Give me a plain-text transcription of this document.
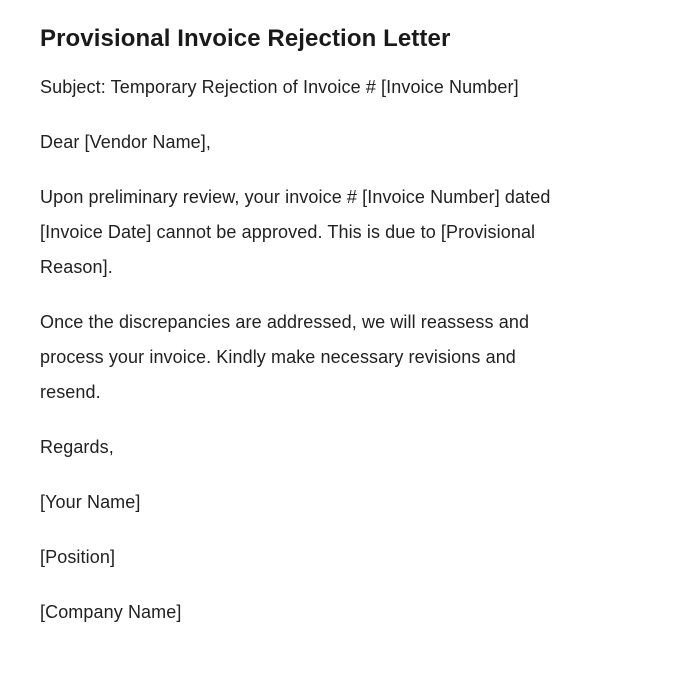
Provisional Invoice Rejection Letter

Subject: Temporary Rejection of Invoice # [Invoice Number]

Dear [Vendor Name],

Upon preliminary review, your invoice # [Invoice Number] dated
[Invoice Date] cannot be approved. This is due to [Provisional
Reason].

Once the discrepancies are addressed, we will reassess and
process your invoice. Kindly make necessary revisions and
resend.

Regards,

[Your Name]

[Position]

[Company Name]
